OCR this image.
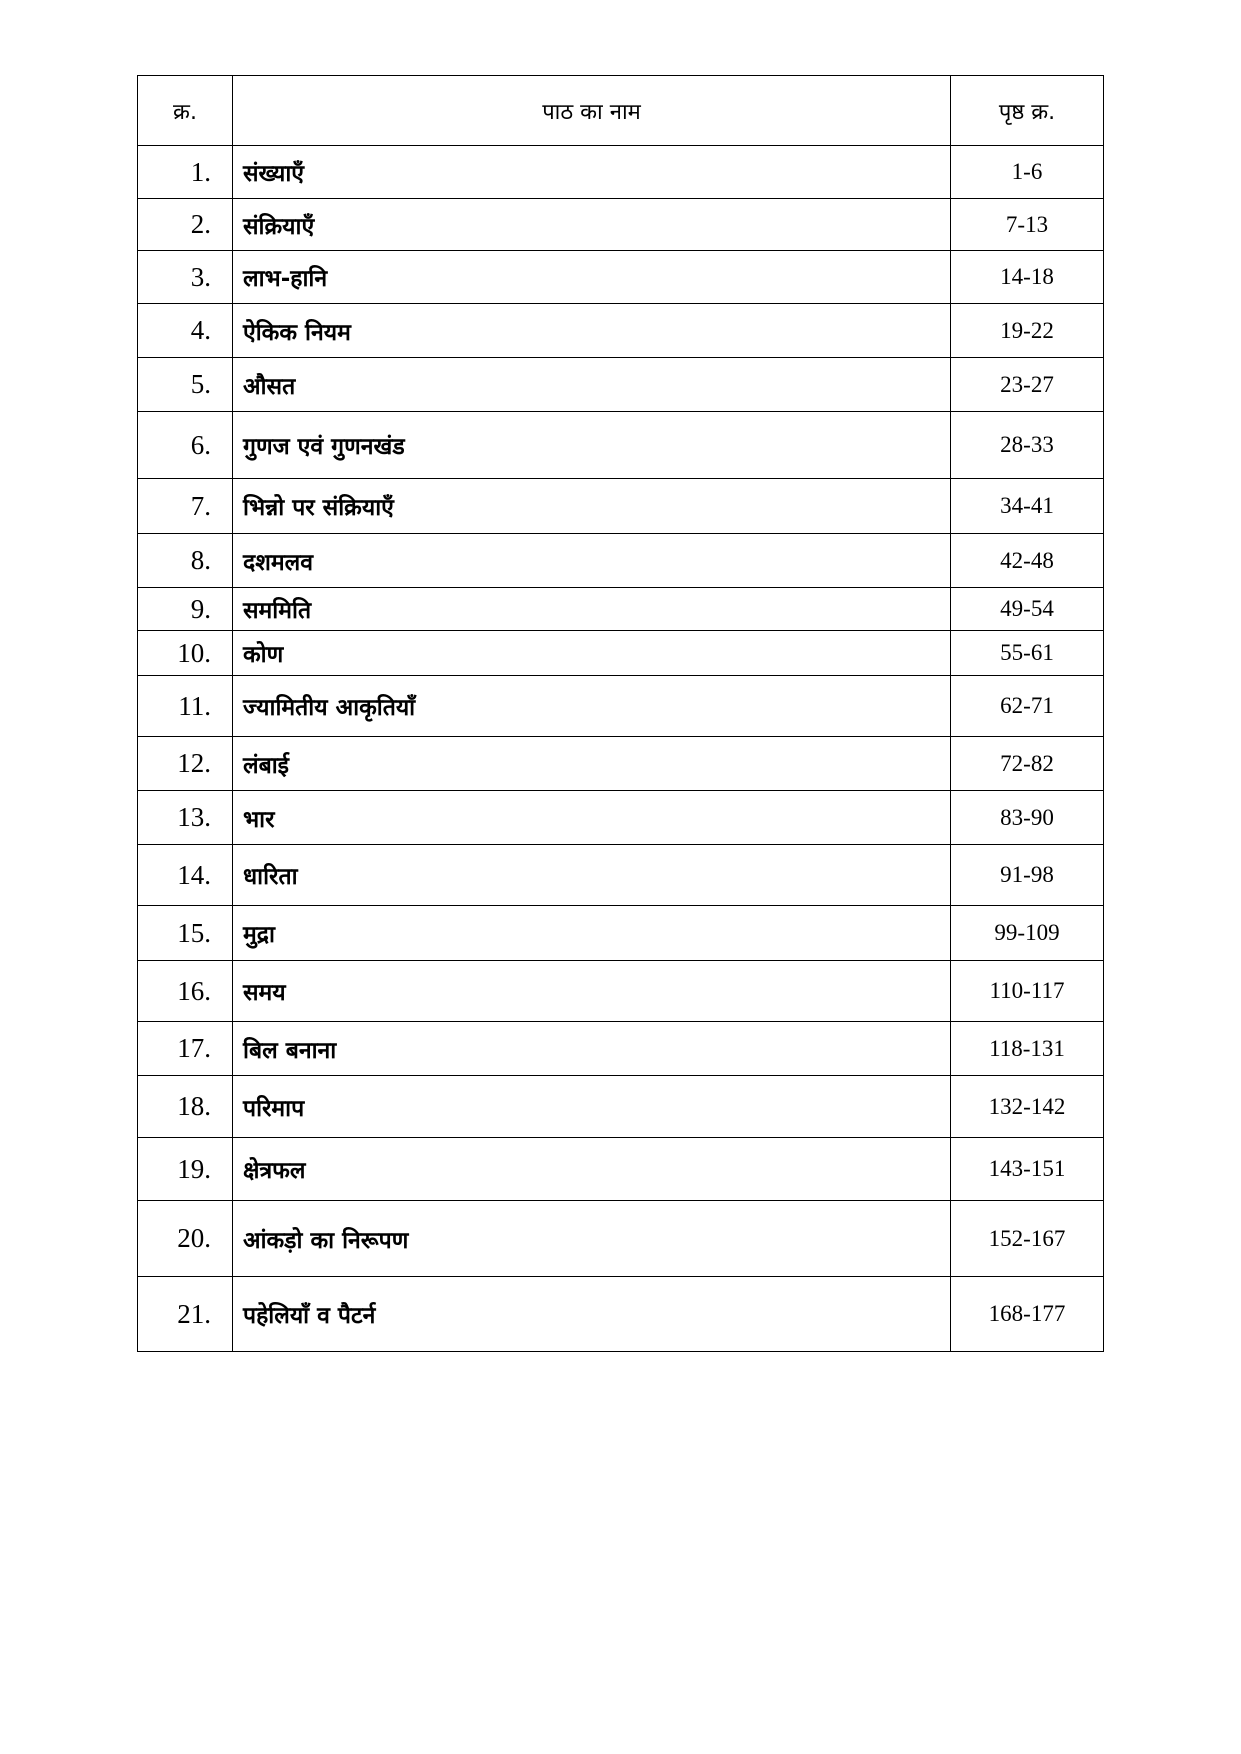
क्र.	पाठ का नाम	पृष्ठ क्र.
1.	संख्याएँ	1-6
2.	संक्रियाएँ	7-13
3.	लाभ-हानि	14-18
4.	ऐकिक नियम	19-22
5.	औसत	23-27
6.	गुणज एवं गुणनखंड	28-33
7.	भिन्नो पर संक्रियाएँ	34-41
8.	दशमलव	42-48
9.	सममिति	49-54
10.	कोण	55-61
11.	ज्यामितीय आकृतियाँ	62-71
12.	लंबाई	72-82
13.	भार	83-90
14.	धारिता	91-98
15.	मुद्रा	99-109
16.	समय	110-117
17.	बिल बनाना	118-131
18.	परिमाप	132-142
19.	क्षेत्रफल	143-151
20.	आंकड़ो का निरूपण	152-167
21.	पहेलियाँ व पैटर्न	168-177
